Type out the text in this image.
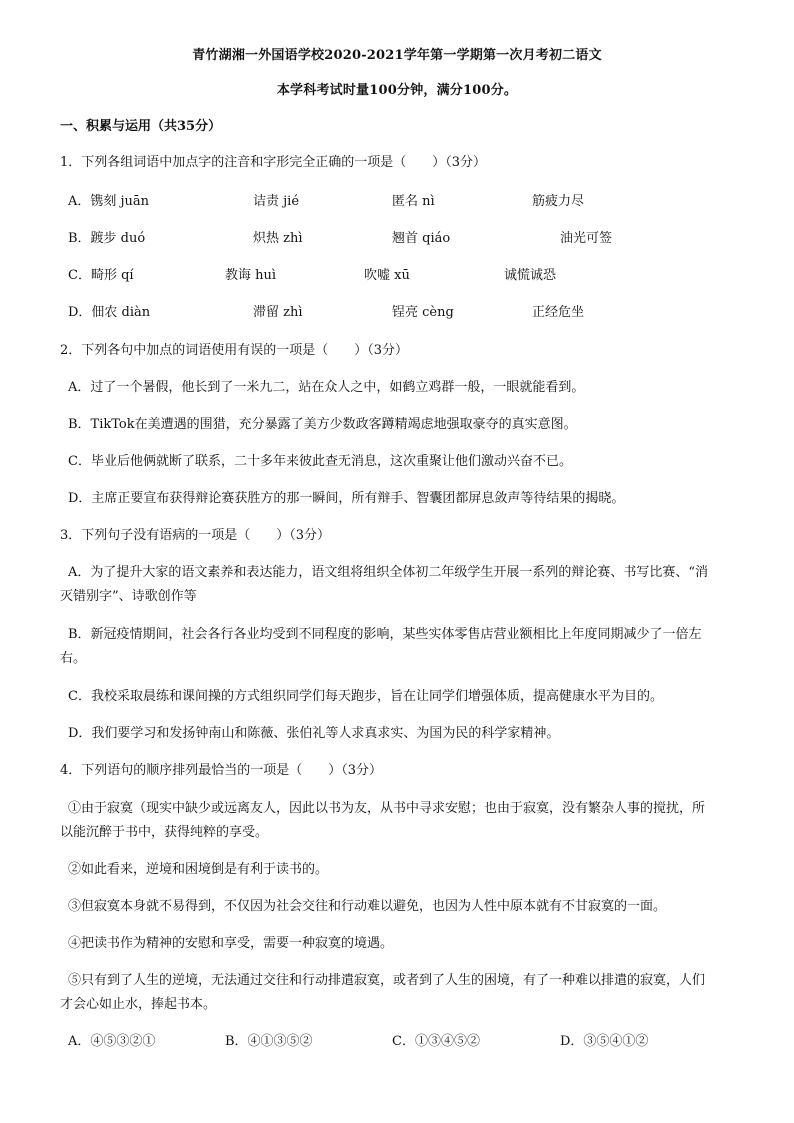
青竹湖湘一外国语学校2020-2021学年第一学期第一次月考初二语文
本学科考试时量100分钟，满分100分。
一、积累与运用（共35分）
1．下列各组词语中加点字的注音和字形完全正确的一项是（　　）（3分）
A．镌刻 juān	诘责 jié	匿名 nì	筋疲力尽
B．踱步 duó	炽热 zhì	翘首 qiáo	油光可签
C．畸形 qí	教诲 huì	吹嘘 xū	诚慌诚恐
D．佃农 diàn	滞留 zhì	锃亮 cèng	正经危坐
2．下列各句中加点的词语使用有误的一项是（　　）（3分）
A．过了一个暑假，他长到了一米九二，站在众人之中，如鹤立鸡群一般，一眼就能看到。
B．TikTok在美遭遇的围猎，充分暴露了美方少数政客蹲精竭虑地强取豪夺的真实意图。
C．毕业后他俩就断了联系，二十多年来彼此查无消息，这次重聚让他们激动兴奋不已。
D．主席正要宣布获得辩论赛获胜方的那一瞬间，所有辩手、智囊团都屏息敛声等待结果的揭晓。
3．下列句子没有语病的一项是（　　）（3分）
A．为了提升大家的语文素养和表达能力，语文组将组织全体初二年级学生开展一系列的辩论赛、书写比赛、“消
灭错别字”、诗歌创作等
B．新冠疫情期间，社会各行各业均受到不同程度的影响，某些实体零售店营业额相比上年度同期减少了一倍左
右。
C．我校采取晨练和课间操的方式组织同学们每天跑步，旨在让同学们增强体质，提高健康水平为目的。
D．我们要学习和发扬钟南山和陈薇、张伯礼等人求真求实、为国为民的科学家精神。
4．下列语句的顺序排列最恰当的一项是（　　）（3分）
①由于寂寞（现实中缺少或远离友人，因此以书为友，从书中寻求安慰；也由于寂寞，没有繁杂人事的搅扰，所
以能沉醉于书中，获得纯粹的享受。
②如此看来，逆境和困境倒是有利于读书的。
③但寂寞本身就不易得到，不仅因为社会交往和行动难以避免，也因为人性中原本就有不甘寂寞的一面。
④把读书作为精神的安慰和享受，需要一种寂寞的境遇。
⑤只有到了人生的逆境，无法通过交往和行动排遣寂寞，或者到了人生的困境，有了一种难以排遣的寂寞，人们
才会心如止水，捧起书本。
A．④⑤③②①	B．④①③⑤②	C．①③④⑤②	D．③⑤④①②
